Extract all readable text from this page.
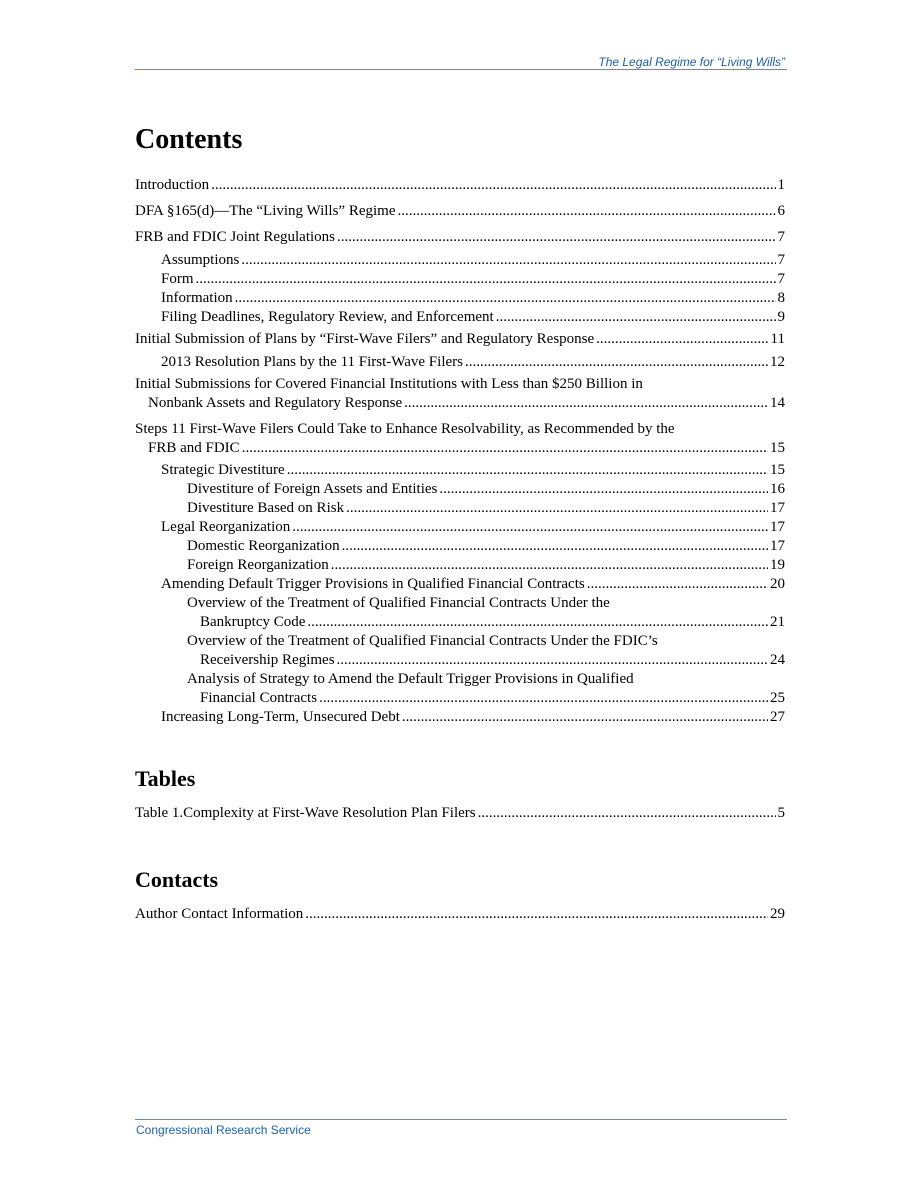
The Legal Regime for “Living Wills”
Contents
Introduction .....	1
DFA §165(d)—The “Living Wills” Regime .....	6
FRB and FDIC Joint Regulations .....	7
Assumptions .....	7
Form .....	7
Information .....	8
Filing Deadlines, Regulatory Review, and Enforcement .....	9
Initial Submission of Plans by “First-Wave Filers” and Regulatory Response .....	11
2013 Resolution Plans by the 11 First-Wave Filers .....	12
Initial Submissions for Covered Financial Institutions with Less than $250 Billion in
Nonbank Assets and Regulatory Response .....	14
Steps 11 First-Wave Filers Could Take to Enhance Resolvability, as Recommended by the
FRB and FDIC .....	15
Strategic Divestiture .....	15
Divestiture of Foreign Assets and Entities .....	16
Divestiture Based on Risk .....	17
Legal Reorganization .....	17
Domestic Reorganization .....	17
Foreign Reorganization .....	19
Amending Default Trigger Provisions in Qualified Financial Contracts .....	20
Overview of the Treatment of Qualified Financial Contracts Under the
Bankruptcy Code .....	21
Overview of the Treatment of Qualified Financial Contracts Under the FDIC’s
Receivership Regimes .....	24
Analysis of Strategy to Amend the Default Trigger Provisions in Qualified
Financial Contracts .....	25
Increasing Long-Term, Unsecured Debt .....	27
Table 1.Complexity at First-Wave Resolution Plan Filers .....	5
Author Contact Information .....	29
Tables
Contacts
Congressional Research Service
